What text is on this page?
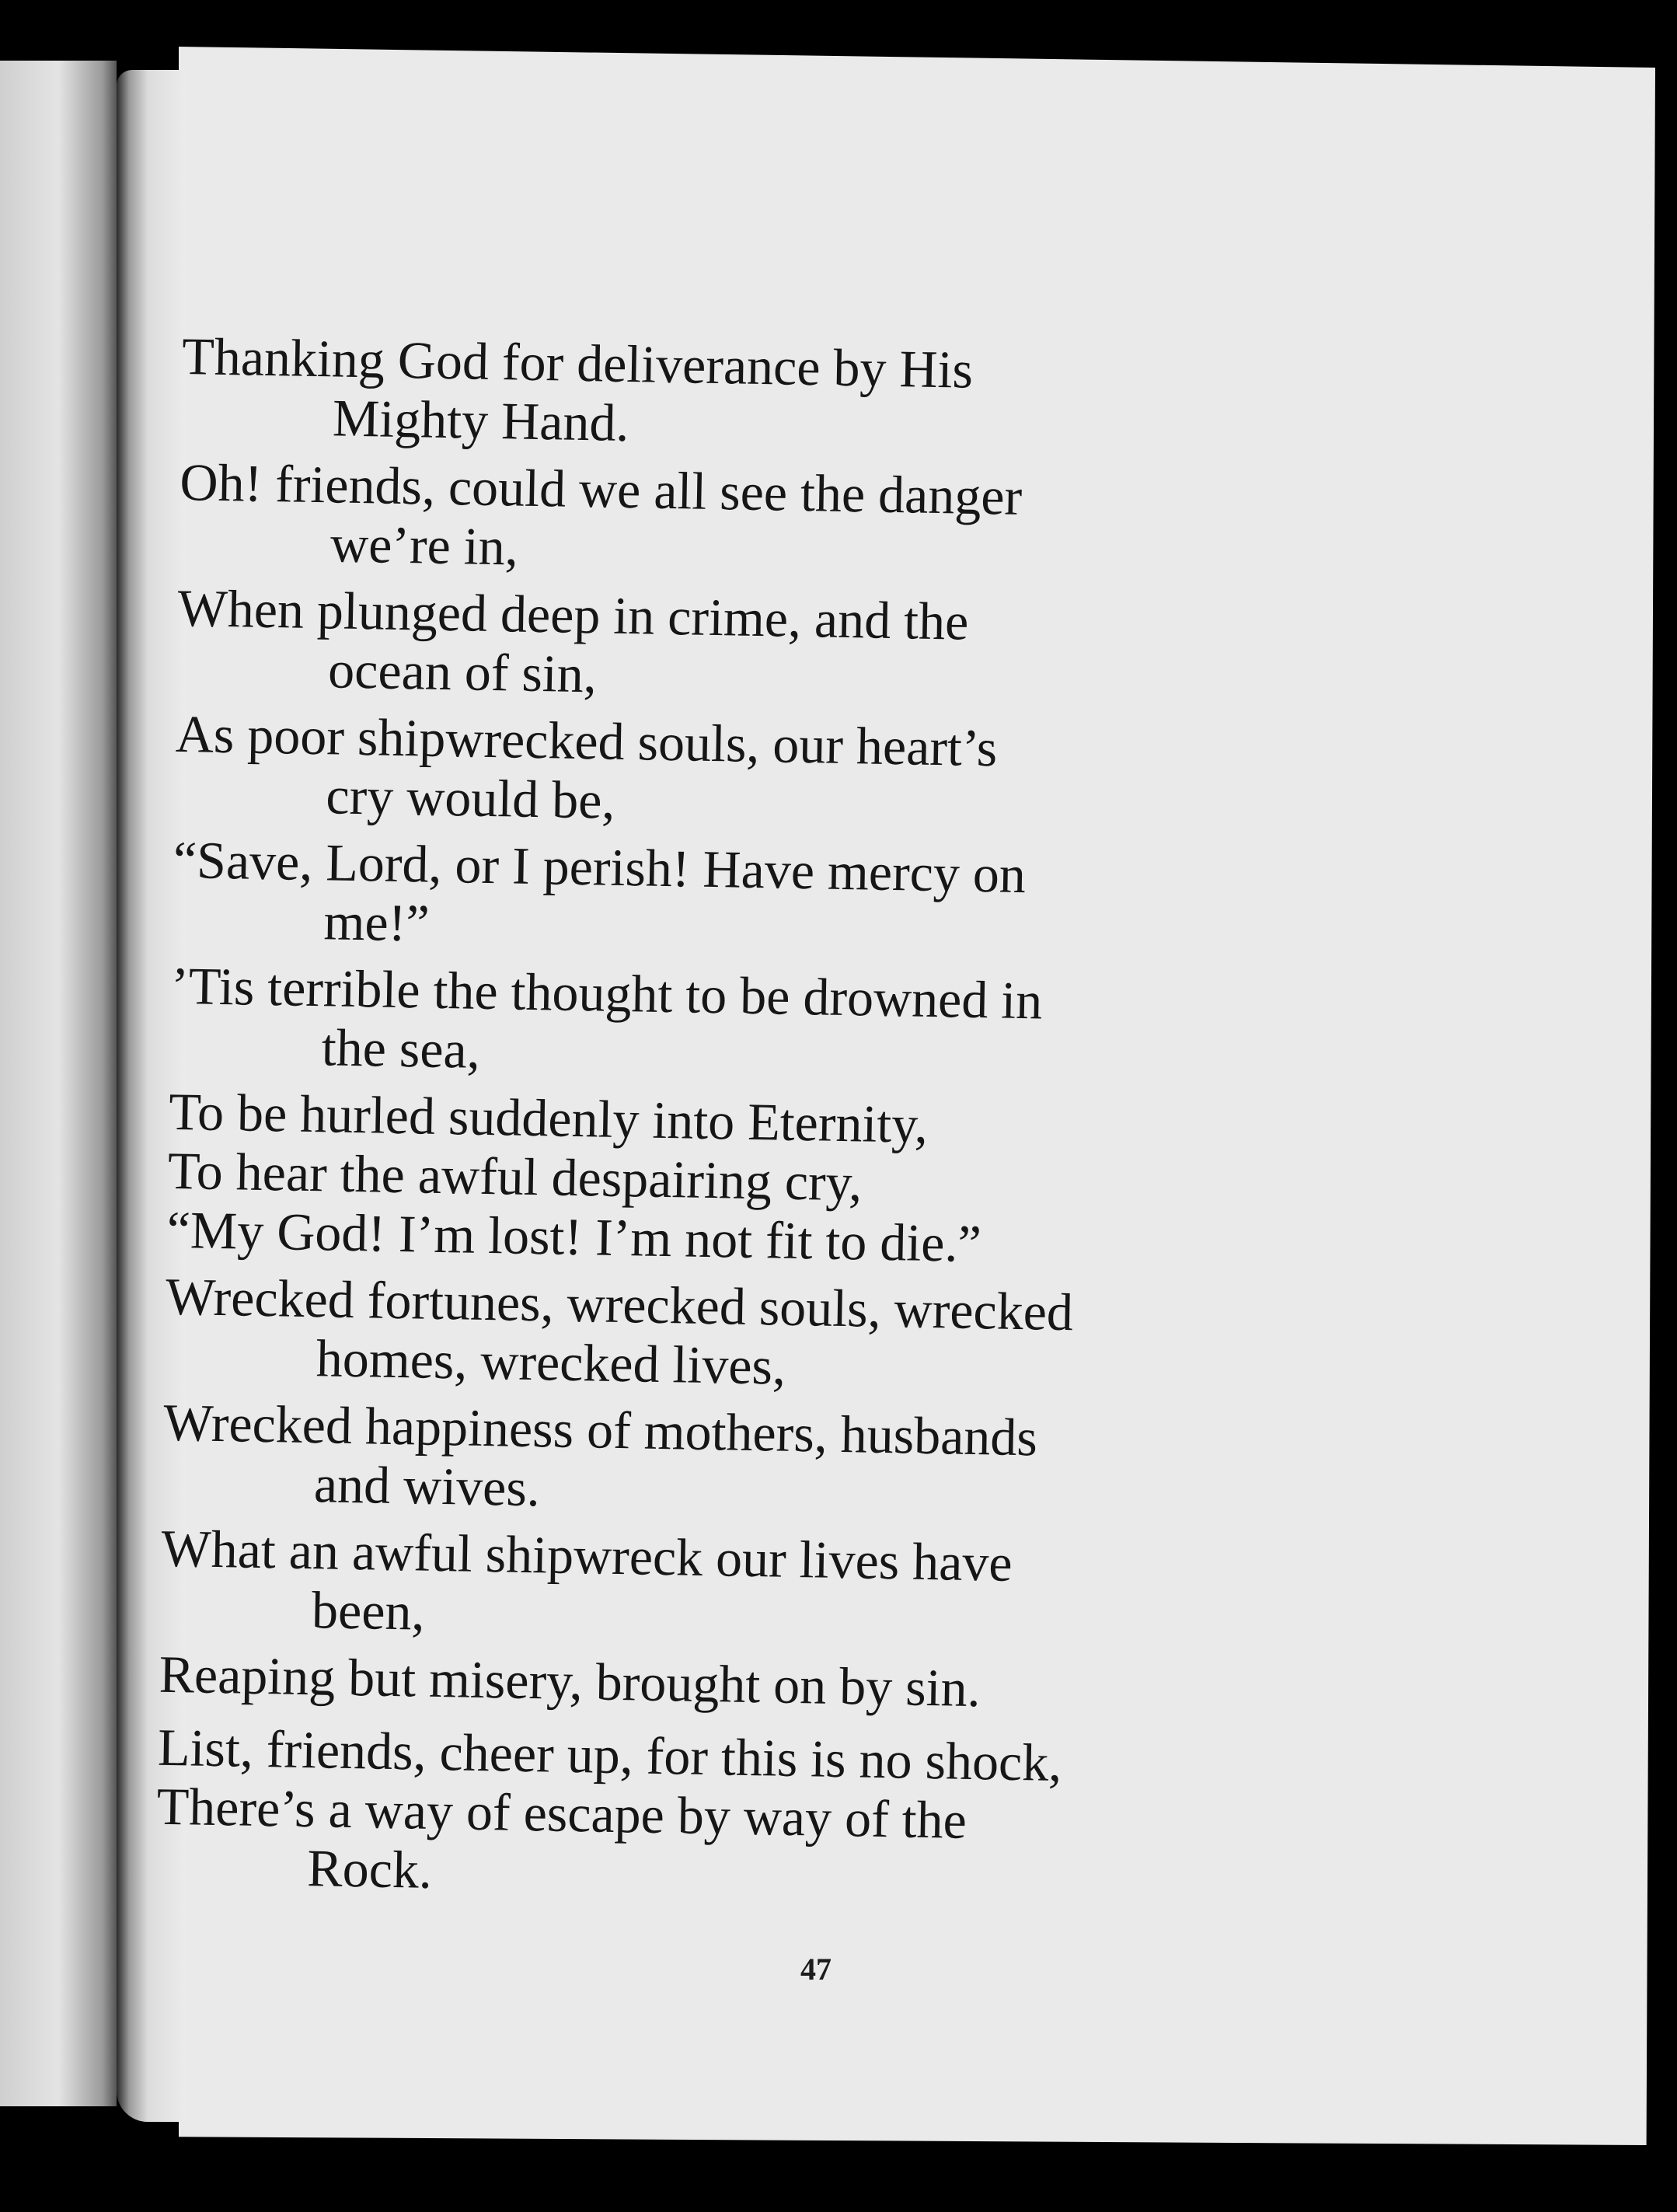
Thanking God for deliverance by His
Mighty Hand.
Oh! friends, could we all see the danger
we’re in,
When plunged deep in crime, and the
ocean of sin,
As poor shipwrecked souls, our heart’s
cry would be,
“Save, Lord, or I perish! Have mercy on
me!”
’Tis terrible the thought to be drowned in
the sea,
To be hurled suddenly into Eternity,
To hear the awful despairing cry,
“My God! I’m lost! I’m not fit to die.”
Wrecked fortunes, wrecked souls, wrecked
homes, wrecked lives,
Wrecked happiness of mothers, husbands
and wives.
What an awful shipwreck our lives have
been,
Reaping but misery, brought on by sin.
List, friends, cheer up, for this is no shock,
There’s a way of escape by way of the
Rock.
47
